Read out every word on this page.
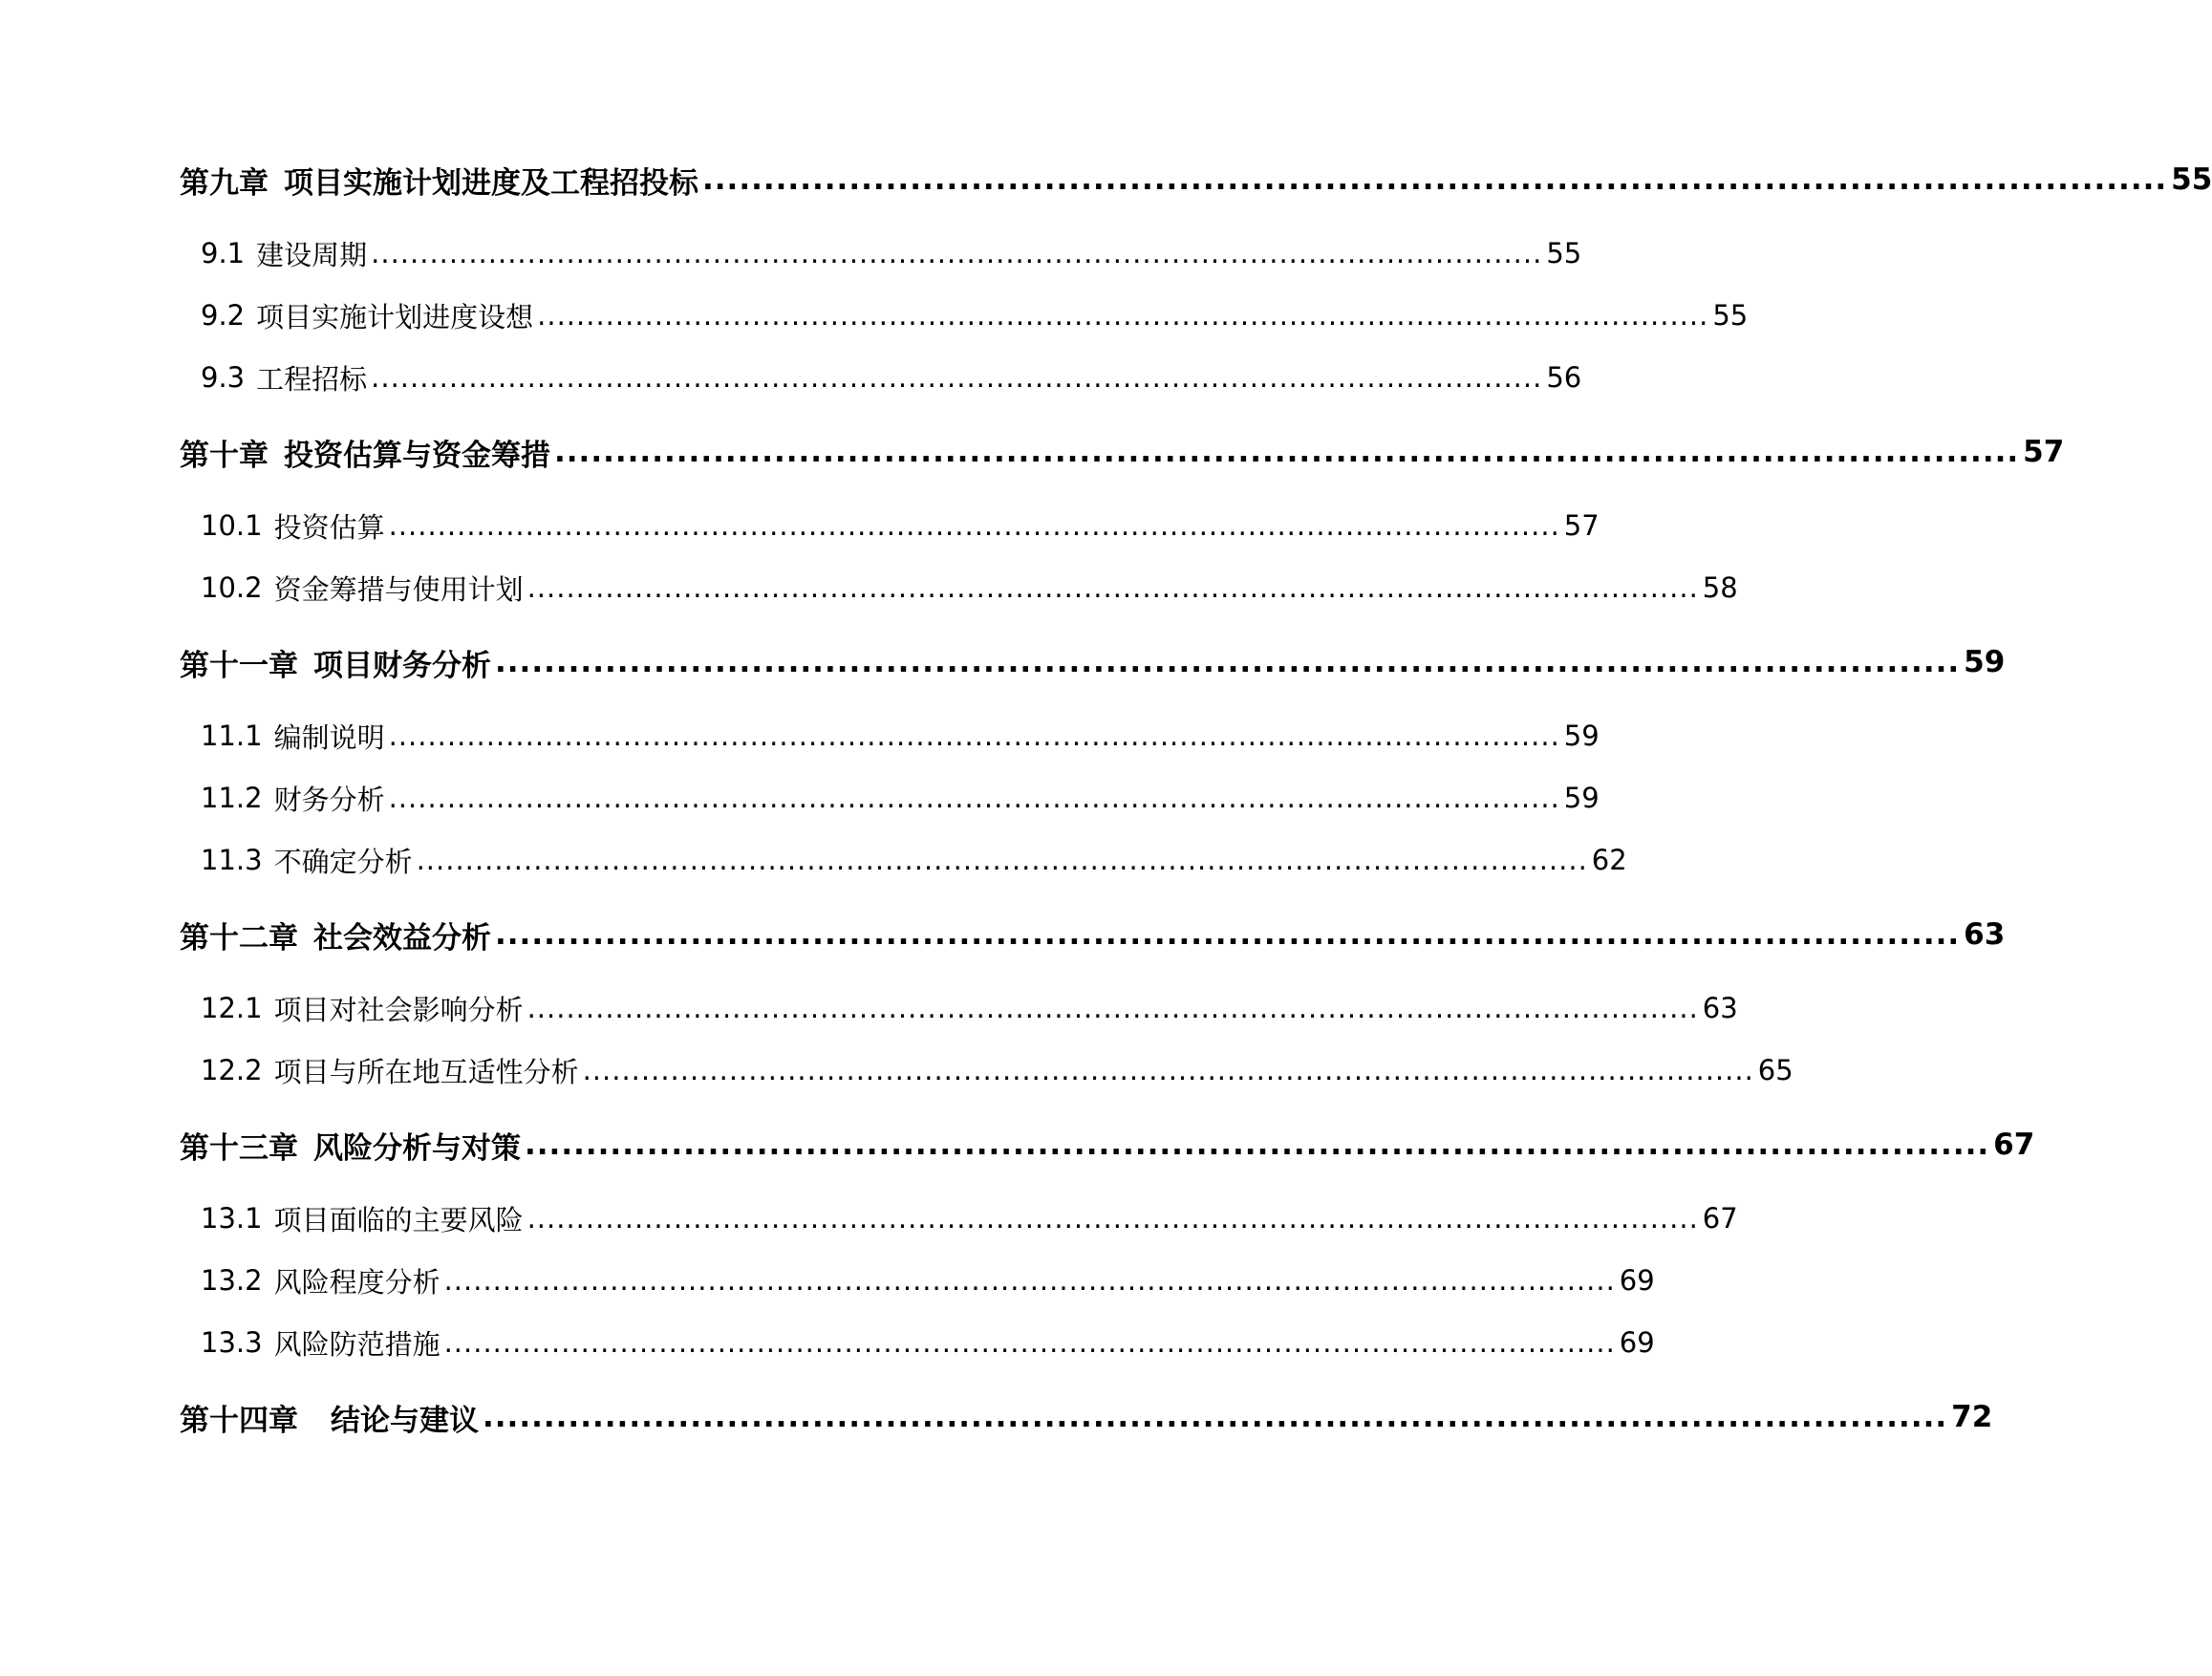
第九章 项目实施计划进度及工程招投标 ........................................................................................................................ 55
9.1 建设周期 ........................................................................................................................ 55
9.2 项目实施计划进度设想 ........................................................................................................................ 55
9.3 工程招标 ........................................................................................................................ 56
第十章 投资估算与资金筹措 ........................................................................................................................ 57
10.1 投资估算 ........................................................................................................................ 57
10.2 资金筹措与使用计划 ........................................................................................................................ 58
第十一章 项目财务分析 ........................................................................................................................ 59
11.1 编制说明 ........................................................................................................................ 59
11.2 财务分析 ........................................................................................................................ 59
11.3 不确定分析 ........................................................................................................................ 62
第十二章 社会效益分析 ........................................................................................................................ 63
12.1 项目对社会影响分析 ........................................................................................................................ 63
12.2 项目与所在地互适性分析 ........................................................................................................................ 65
第十三章 风险分析与对策 ........................................................................................................................ 67
13.1 项目面临的主要风险 ........................................................................................................................ 67
13.2 风险程度分析 ........................................................................................................................ 69
13.3 风险防范措施 ........................................................................................................................ 69
第十四章 结论与建议 ........................................................................................................................ 72
